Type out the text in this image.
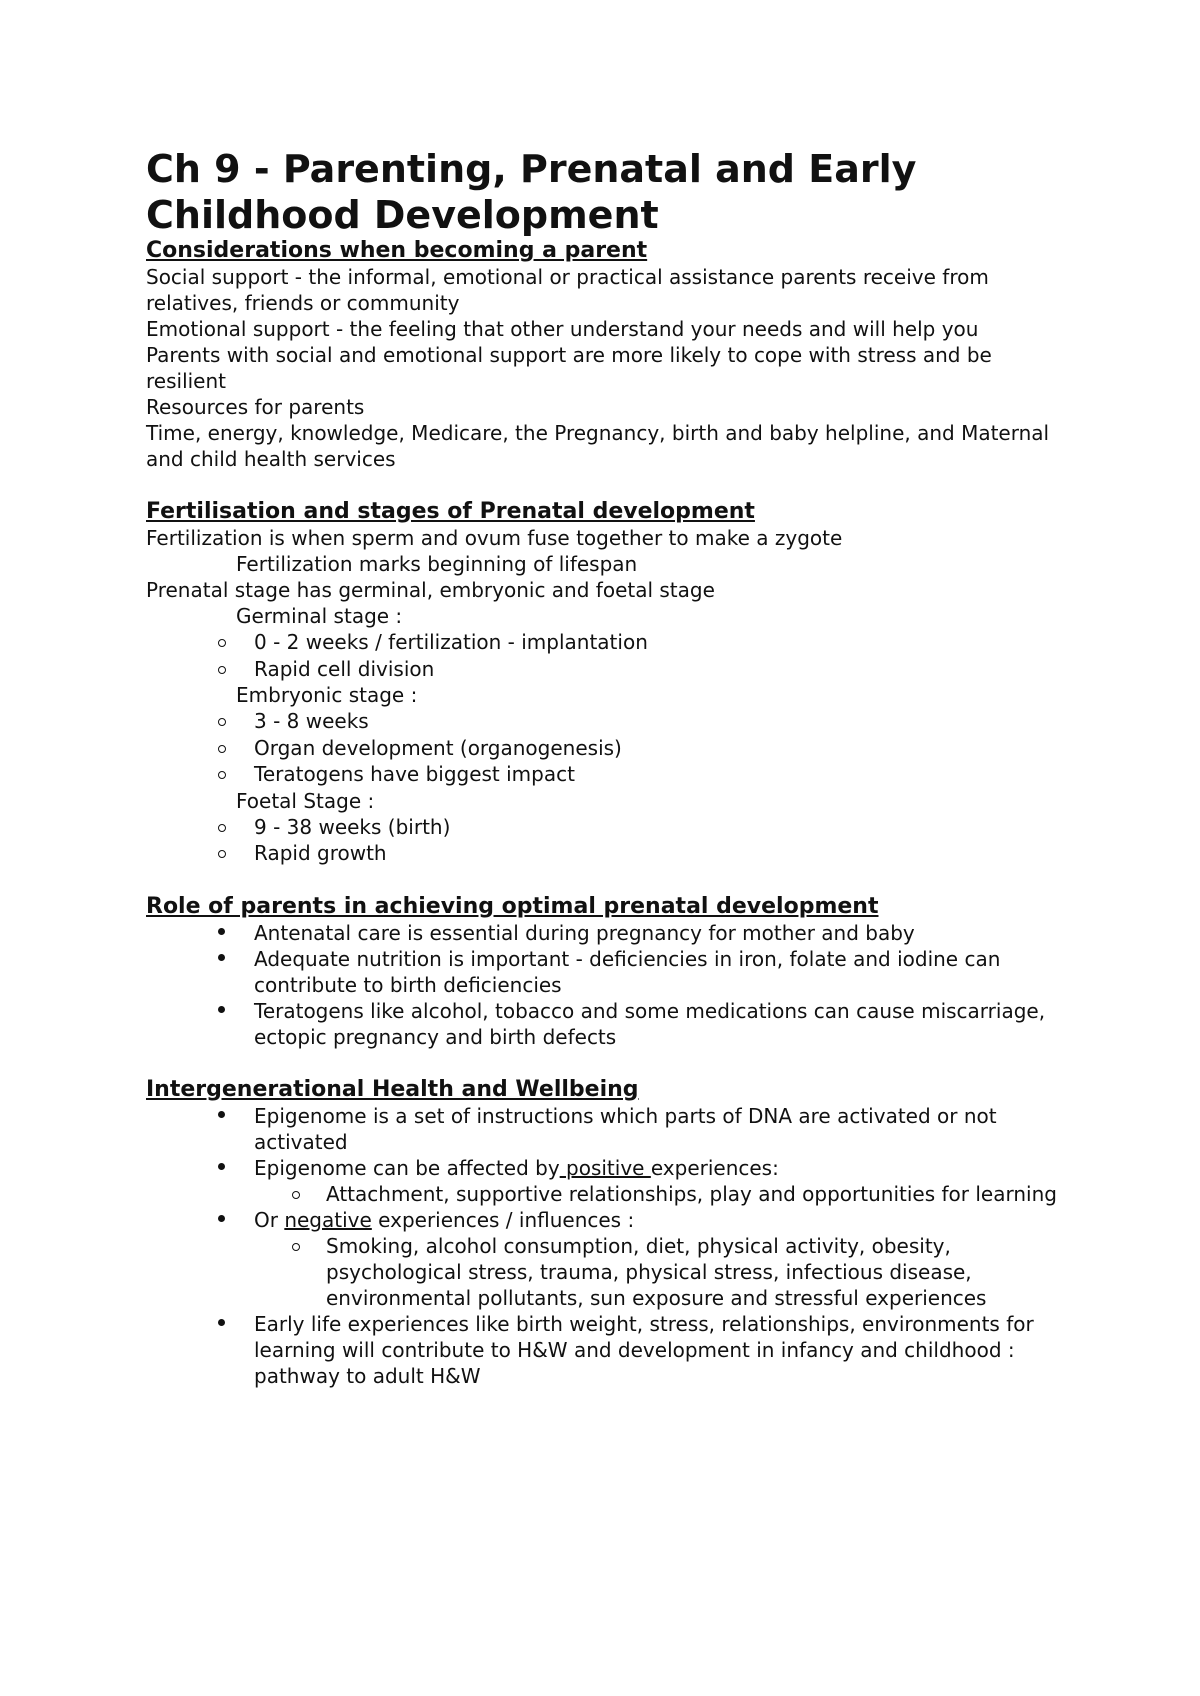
Ch 9 - Parenting, Prenatal and Early Childhood Development
Considerations when becoming a parent

Social support - the informal, emotional or practical assistance parents receive from relatives, friends or community

Emotional support - the feeling that other understand your needs and will help you

Parents with social and emotional support are more likely to cope with stress and be resilient

Resources for parents

Time, energy, knowledge, Medicare, the Pregnancy, birth and baby helpline, and Maternal and child health services

Fertilisation and stages of Prenatal development

Fertilization is when sperm and ovum fuse together to make a zygote

Fertilization marks beginning of lifespan

Prenatal stage has germinal, embryonic and foetal stage

Germinal stage :

0 - 2 weeks / fertilization - implantation
Rapid cell division

Embryonic stage :

3 - 8 weeks
Organ development (organogenesis)
Teratogens have biggest impact

Foetal Stage :

9 - 38 weeks (birth)
Rapid growth
Role of parents in achieving optimal prenatal development
Antenatal care is essential during pregnancy for mother and baby
Adequate nutrition is important - deficiencies in iron, folate and iodine can contribute to birth deficiencies
Teratogens like alcohol, tobacco and some medications can cause miscarriage, ectopic pregnancy and birth defects
Intergenerational Health and Wellbeing
Epigenome is a set of instructions which parts of DNA are activated or not activated
Epigenome can be affected by positive experiences:
Attachment, supportive relationships, play and opportunities for learning
Or negative experiences / influences :
Smoking, alcohol consumption, diet, physical activity, obesity, psychological stress, trauma, physical stress, infectious disease, environmental pollutants, sun exposure and stressful experiences
Early life experiences like birth weight, stress, relationships, environments for learning will contribute to H&W and development in infancy and childhood : pathway to adult H&W
